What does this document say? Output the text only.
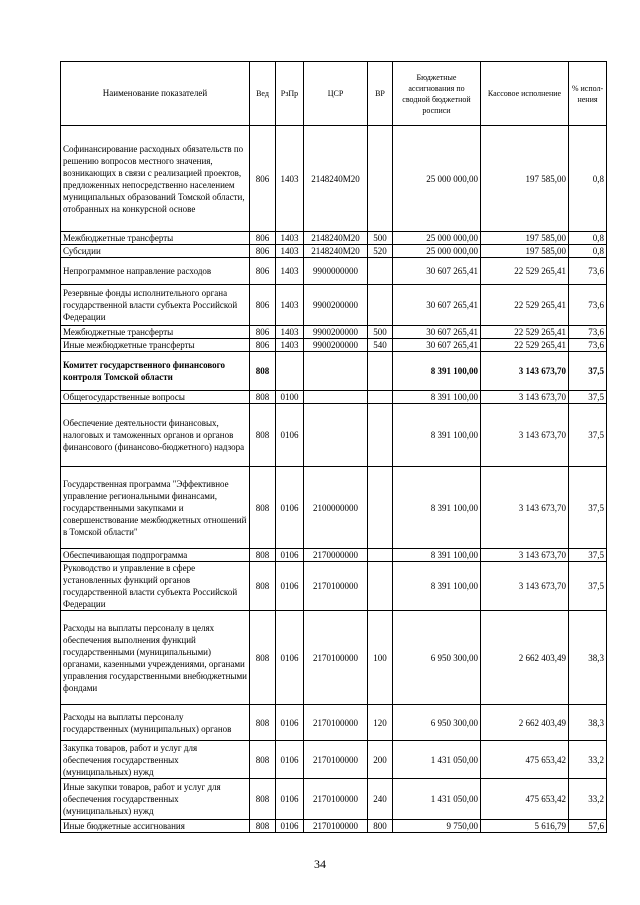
Наименование показателей	Вед	РзПр	ЦСР	ВР	Бюджетные ассигнования по сводной бюджетной росписи	Кассовое исполнение	% испол-нения
Софинансирование расходных обязательств по решению вопросов местного значения, возникающих в связи с реализацией проектов, предложенных непосредственно населением муниципальных образований Томской области, отобранных на конкурсной основе	806	1403	2148240M20		25 000 000,00	197 585,00	0,8
Межбюджетные трансферты	806	1403	2148240M20	500	25 000 000,00	197 585,00	0,8
Субсидии	806	1403	2148240M20	520	25 000 000,00	197 585,00	0,8
Непрограммное направление расходов	806	1403	9900000000		30 607 265,41	22 529 265,41	73,6
Резервные фонды исполнительного органа государственной власти субъекта Российской Федерации	806	1403	9900200000		30 607 265,41	22 529 265,41	73,6
Межбюджетные трансферты	806	1403	9900200000	500	30 607 265,41	22 529 265,41	73,6
Иные межбюджетные трансферты	806	1403	9900200000	540	30 607 265,41	22 529 265,41	73,6
Комитет государственного финансового контроля Томской области	808				8 391 100,00	3 143 673,70	37,5
Общегосударственные вопросы	808	0100			8 391 100,00	3 143 673,70	37,5
Обеспечение деятельности финансовых, налоговых и таможенных органов и органов финансового (финансово-бюджетного) надзора	808	0106			8 391 100,00	3 143 673,70	37,5
Государственная программа "Эффективное управление региональными финансами, государственными закупками и совершенствование межбюджетных отношений в Томской области"	808	0106	2100000000		8 391 100,00	3 143 673,70	37,5
Обеспечивающая подпрограмма	808	0106	2170000000		8 391 100,00	3 143 673,70	37,5
Руководство и управление в сфере установленных функций органов государственной власти субъекта Российской Федерации	808	0106	2170100000		8 391 100,00	3 143 673,70	37,5
Расходы на выплаты персоналу в целях обеспечения выполнения функций государственными (муниципальными) органами, казенными учреждениями, органами управления государственными внебюджетными фондами	808	0106	2170100000	100	6 950 300,00	2 662 403,49	38,3
Расходы на выплаты персоналу государственных (муниципальных) органов	808	0106	2170100000	120	6 950 300,00	2 662 403,49	38,3
Закупка товаров, работ и услуг для обеспечения государственных (муниципальных) нужд	808	0106	2170100000	200	1 431 050,00	475 653,42	33,2
Иные закупки товаров, работ и услуг для обеспечения государственных (муниципальных) нужд	808	0106	2170100000	240	1 431 050,00	475 653,42	33,2
Иные бюджетные ассигнования	808	0106	2170100000	800	9 750,00	5 616,79	57,6
34
